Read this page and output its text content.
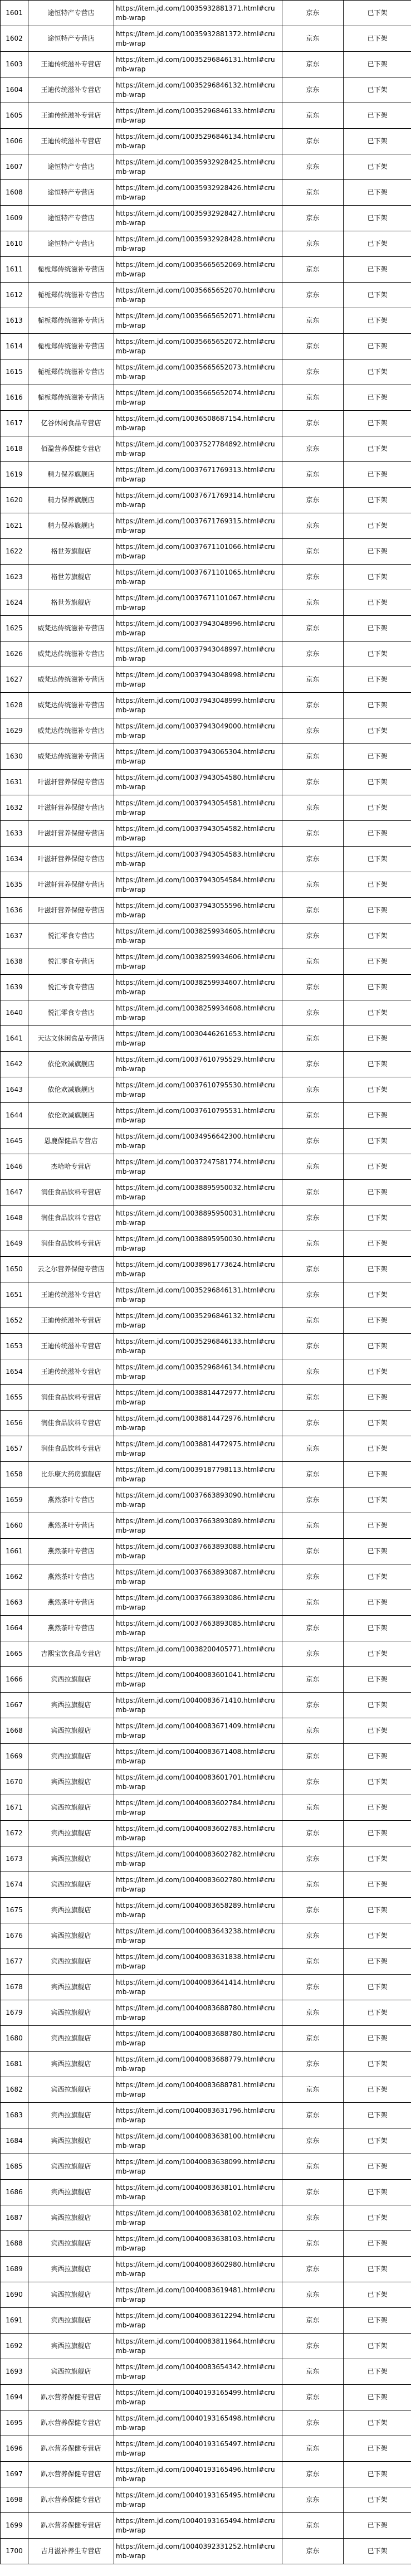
1601	途恒特产专营店	https://item.jd.com/10035932881371.html#crumb-wrap	京东	已下架
1602	途恒特产专营店	https://item.jd.com/10035932881372.html#crumb-wrap	京东	已下架
1603	王迪传统滋补专营店	https://item.jd.com/10035296846131.html#crumb-wrap	京东	已下架
1604	王迪传统滋补专营店	https://item.jd.com/10035296846132.html#crumb-wrap	京东	已下架
1605	王迪传统滋补专营店	https://item.jd.com/10035296846133.html#crumb-wrap	京东	已下架
1606	王迪传统滋补专营店	https://item.jd.com/10035296846134.html#crumb-wrap	京东	已下架
1607	途恒特产专营店	https://item.jd.com/10035932928425.html#crumb-wrap	京东	已下架
1608	途恒特产专营店	https://item.jd.com/10035932928426.html#crumb-wrap	京东	已下架
1609	途恒特产专营店	https://item.jd.com/10035932928427.html#crumb-wrap	京东	已下架
1610	途恒特产专营店	https://item.jd.com/10035932928428.html#crumb-wrap	京东	已下架
1611	栀栀郑传统滋补专营店	https://item.jd.com/10035665652069.html#crumb-wrap	京东	已下架
1612	栀栀郑传统滋补专营店	https://item.jd.com/10035665652070.html#crumb-wrap	京东	已下架
1613	栀栀郑传统滋补专营店	https://item.jd.com/10035665652071.html#crumb-wrap	京东	已下架
1614	栀栀郑传统滋补专营店	https://item.jd.com/10035665652072.html#crumb-wrap	京东	已下架
1615	栀栀郑传统滋补专营店	https://item.jd.com/10035665652073.html#crumb-wrap	京东	已下架
1616	栀栀郑传统滋补专营店	https://item.jd.com/10035665652074.html#crumb-wrap	京东	已下架
1617	亿谷休闲食品专营店	https://item.jd.com/10036508687154.html#crumb-wrap	京东	已下架
1618	佰盈营养保健专营店	https://item.jd.com/10037527784892.html#crumb-wrap	京东	已下架
1619	精力保养旗舰店	https://item.jd.com/10037671769313.html#crumb-wrap	京东	已下架
1620	精力保养旗舰店	https://item.jd.com/10037671769314.html#crumb-wrap	京东	已下架
1621	精力保养旗舰店	https://item.jd.com/10037671769315.html#crumb-wrap	京东	已下架
1622	格世芳旗舰店	https://item.jd.com/10037671101066.html#crumb-wrap	京东	已下架
1623	格世芳旗舰店	https://item.jd.com/10037671101065.html#crumb-wrap	京东	已下架
1624	格世芳旗舰店	https://item.jd.com/10037671101067.html#crumb-wrap	京东	已下架
1625	威梵达传统滋补专营店	https://item.jd.com/10037943048996.html#crumb-wrap	京东	已下架
1626	威梵达传统滋补专营店	https://item.jd.com/10037943048997.html#crumb-wrap	京东	已下架
1627	威梵达传统滋补专营店	https://item.jd.com/10037943048998.html#crumb-wrap	京东	已下架
1628	威梵达传统滋补专营店	https://item.jd.com/10037943048999.html#crumb-wrap	京东	已下架
1629	威梵达传统滋补专营店	https://item.jd.com/10037943049000.html#crumb-wrap	京东	已下架
1630	威梵达传统滋补专营店	https://item.jd.com/10037943065304.html#crumb-wrap	京东	已下架
1631	叶滋轩营养保健专营店	https://item.jd.com/10037943054580.html#crumb-wrap	京东	已下架
1632	叶滋轩营养保健专营店	https://item.jd.com/10037943054581.html#crumb-wrap	京东	已下架
1633	叶滋轩营养保健专营店	https://item.jd.com/10037943054582.html#crumb-wrap	京东	已下架
1634	叶滋轩营养保健专营店	https://item.jd.com/10037943054583.html#crumb-wrap	京东	已下架
1635	叶滋轩营养保健专营店	https://item.jd.com/10037943054584.html#crumb-wrap	京东	已下架
1636	叶滋轩营养保健专营店	https://item.jd.com/10037943055596.html#crumb-wrap	京东	已下架
1637	悦汇零食专营店	https://item.jd.com/10038259934605.html#crumb-wrap	京东	已下架
1638	悦汇零食专营店	https://item.jd.com/10038259934606.html#crumb-wrap	京东	已下架
1639	悦汇零食专营店	https://item.jd.com/10038259934607.html#crumb-wrap	京东	已下架
1640	悦汇零食专营店	https://item.jd.com/10038259934608.html#crumb-wrap	京东	已下架
1641	天达文休闲食品专营店	https://item.jd.com/10030446261653.html#crumb-wrap	京东	已下架
1642	依伦欢减旗舰店	https://item.jd.com/10037610795529.html#crumb-wrap	京东	已下架
1643	依伦欢减旗舰店	https://item.jd.com/10037610795530.html#crumb-wrap	京东	已下架
1644	依伦欢减旗舰店	https://item.jd.com/10037610795531.html#crumb-wrap	京东	已下架
1645	恩鹿保健品专营店	https://item.jd.com/10034956642300.html#crumb-wrap	京东	已下架
1646	杰哈哈专营店	https://item.jd.com/10037247581774.html#crumb-wrap	京东	已下架
1647	润佳食品饮料专营店	https://item.jd.com/10038895950032.html#crumb-wrap	京东	已下架
1648	润佳食品饮料专营店	https://item.jd.com/10038895950031.html#crumb-wrap	京东	已下架
1649	润佳食品饮料专营店	https://item.jd.com/10038895950030.html#crumb-wrap	京东	已下架
1650	云之尔营养保健专营店	https://item.jd.com/10038961773624.html#crumb-wrap	京东	已下架
1651	王迪传统滋补专营店	https://item.jd.com/10035296846131.html#crumb-wrap	京东	已下架
1652	王迪传统滋补专营店	https://item.jd.com/10035296846132.html#crumb-wrap	京东	已下架
1653	王迪传统滋补专营店	https://item.jd.com/10035296846133.html#crumb-wrap	京东	已下架
1654	王迪传统滋补专营店	https://item.jd.com/10035296846134.html#crumb-wrap	京东	已下架
1655	润佳食品饮料专营店	https://item.jd.com/10038814472977.html#crumb-wrap	京东	已下架
1656	润佳食品饮料专营店	https://item.jd.com/10038814472976.html#crumb-wrap	京东	已下架
1657	润佳食品饮料专营店	https://item.jd.com/10038814472975.html#crumb-wrap	京东	已下架
1658	比乐康大药房旗舰店	https://item.jd.com/10039187798113.html#crumb-wrap	京东	已下架
1659	燕然茶叶专营店	https://item.jd.com/10037663893090.html#crumb-wrap	京东	已下架
1660	燕然茶叶专营店	https://item.jd.com/10037663893089.html#crumb-wrap	京东	已下架
1661	燕然茶叶专营店	https://item.jd.com/10037663893088.html#crumb-wrap	京东	已下架
1662	燕然茶叶专营店	https://item.jd.com/10037663893087.html#crumb-wrap	京东	已下架
1663	燕然茶叶专营店	https://item.jd.com/10037663893086.html#crumb-wrap	京东	已下架
1664	燕然茶叶专营店	https://item.jd.com/10037663893085.html#crumb-wrap	京东	已下架
1665	吉熙宝饮食品专营店	https://item.jd.com/10038200405771.html#crumb-wrap	京东	已下架
1666	宾西拉旗舰店	https://item.jd.com/10040083601041.html#crumb-wrap	京东	已下架
1667	宾西拉旗舰店	https://item.jd.com/10040083671410.html#crumb-wrap	京东	已下架
1668	宾西拉旗舰店	https://item.jd.com/10040083671409.html#crumb-wrap	京东	已下架
1669	宾西拉旗舰店	https://item.jd.com/10040083671408.html#crumb-wrap	京东	已下架
1670	宾西拉旗舰店	https://item.jd.com/10040083601701.html#crumb-wrap	京东	已下架
1671	宾西拉旗舰店	https://item.jd.com/10040083602784.html#crumb-wrap	京东	已下架
1672	宾西拉旗舰店	https://item.jd.com/10040083602783.html#crumb-wrap	京东	已下架
1673	宾西拉旗舰店	https://item.jd.com/10040083602782.html#crumb-wrap	京东	已下架
1674	宾西拉旗舰店	https://item.jd.com/10040083602780.html#crumb-wrap	京东	已下架
1675	宾西拉旗舰店	https://item.jd.com/10040083658289.html#crumb-wrap	京东	已下架
1676	宾西拉旗舰店	https://item.jd.com/10040083643238.html#crumb-wrap	京东	已下架
1677	宾西拉旗舰店	https://item.jd.com/10040083631838.html#crumb-wrap	京东	已下架
1678	宾西拉旗舰店	https://item.jd.com/10040083641414.html#crumb-wrap	京东	已下架
1679	宾西拉旗舰店	https://item.jd.com/10040083688780.html#crumb-wrap	京东	已下架
1680	宾西拉旗舰店	https://item.jd.com/10040083688780.html#crumb-wrap	京东	已下架
1681	宾西拉旗舰店	https://item.jd.com/10040083688779.html#crumb-wrap	京东	已下架
1682	宾西拉旗舰店	https://item.jd.com/10040083688781.html#crumb-wrap	京东	已下架
1683	宾西拉旗舰店	https://item.jd.com/10040083631796.html#crumb-wrap	京东	已下架
1684	宾西拉旗舰店	https://item.jd.com/10040083638100.html#crumb-wrap	京东	已下架
1685	宾西拉旗舰店	https://item.jd.com/10040083638099.html#crumb-wrap	京东	已下架
1686	宾西拉旗舰店	https://item.jd.com/10040083638101.html#crumb-wrap	京东	已下架
1687	宾西拉旗舰店	https://item.jd.com/10040083638102.html#crumb-wrap	京东	已下架
1688	宾西拉旗舰店	https://item.jd.com/10040083638103.html#crumb-wrap	京东	已下架
1689	宾西拉旗舰店	https://item.jd.com/10040083602980.html#crumb-wrap	京东	已下架
1690	宾西拉旗舰店	https://item.jd.com/10040083619481.html#crumb-wrap	京东	已下架
1691	宾西拉旗舰店	https://item.jd.com/10040083612294.html#crumb-wrap	京东	已下架
1692	宾西拉旗舰店	https://item.jd.com/10040083811964.html#crumb-wrap	京东	已下架
1693	宾西拉旗舰店	https://item.jd.com/10040083654342.html#crumb-wrap	京东	已下架
1694	趴水营养保健专营店	https://item.jd.com/10040193165499.html#crumb-wrap	京东	已下架
1695	趴水营养保健专营店	https://item.jd.com/10040193165498.html#crumb-wrap	京东	已下架
1696	趴水营养保健专营店	https://item.jd.com/10040193165497.html#crumb-wrap	京东	已下架
1697	趴水营养保健专营店	https://item.jd.com/10040193165496.html#crumb-wrap	京东	已下架
1698	趴水营养保健专营店	https://item.jd.com/10040193165495.html#crumb-wrap	京东	已下架
1699	趴水营养保健专营店	https://item.jd.com/10040193165494.html#crumb-wrap	京东	已下架
1700	吉月滋补养生专营店	https://item.jd.com/10040392331252.html#crumb-wrap	京东	已下架
